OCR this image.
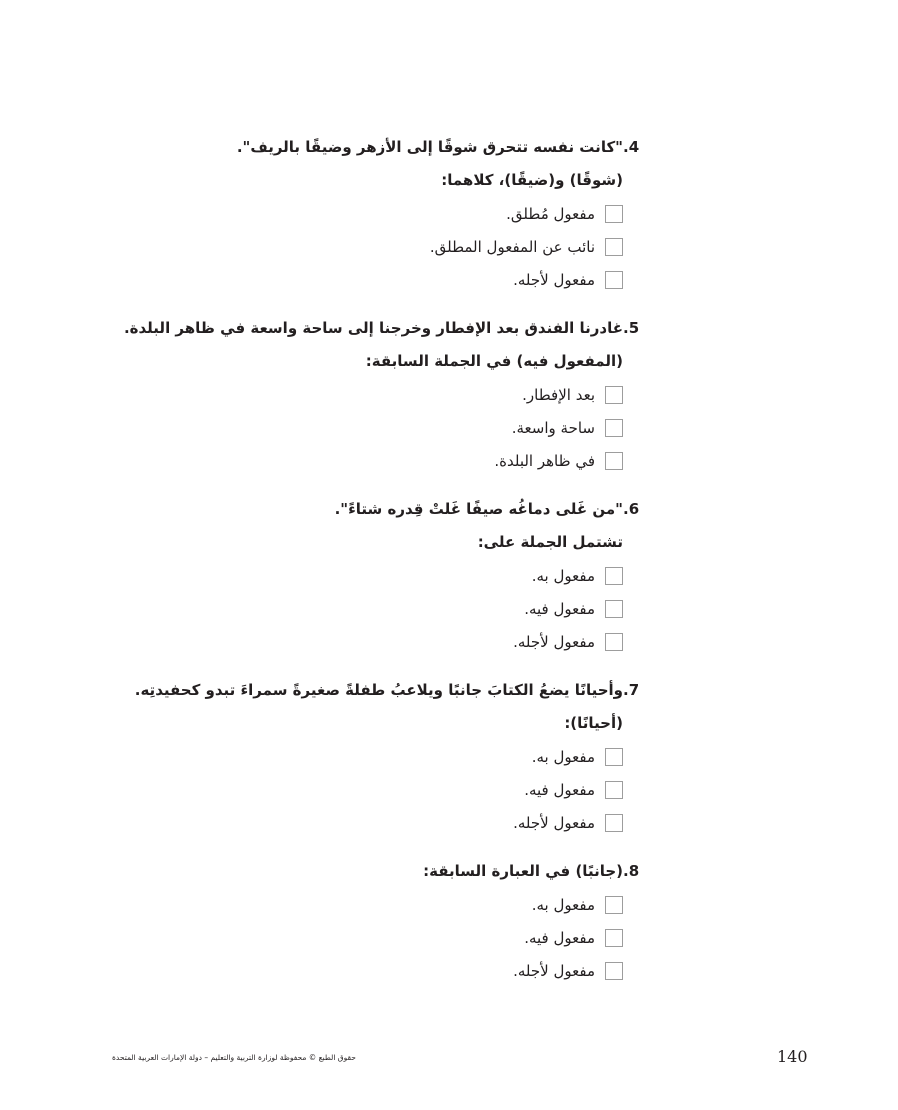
.4
"كانت نفسه تتحرق شوقًا إلى الأزهر وضيقًا بالريف".
(شوقًا) و(ضيقًا)، كلاهما:
مفعول مُطلق.
نائب عن المفعول المطلق.
مفعول لأجله.
.5
غادرنا الفندق بعد الإفطار وخرجنا إلى ساحة واسعة في ظاهر البلدة.
(المفعول فيه) في الجملة السابقة:
بعد الإفطار.
ساحة واسعة.
في ظاهر البلدة.
.6
"من غَلى دماغُه صيفًا غَلتْ قِدره شتاءً".
تشتمل الجملة على:
مفعول به.
مفعول فيه.
مفعول لأجله.
.7
وأحيانًا يضعُ الكتابَ جانبًا ويلاعبُ طفلةً صغيرةً سمراءَ تبدو كحفيدتِه.
(أحيانًا):
مفعول به.
مفعول فيه.
مفعول لأجله.
.8
(جانبًا) في العبارة السابقة:
مفعول به.
مفعول فيه.
مفعول لأجله.
حقوق الطبع © محفوظة لوزارة التربية والتعليم – دولة الإمارات العربية المتحدة	140
